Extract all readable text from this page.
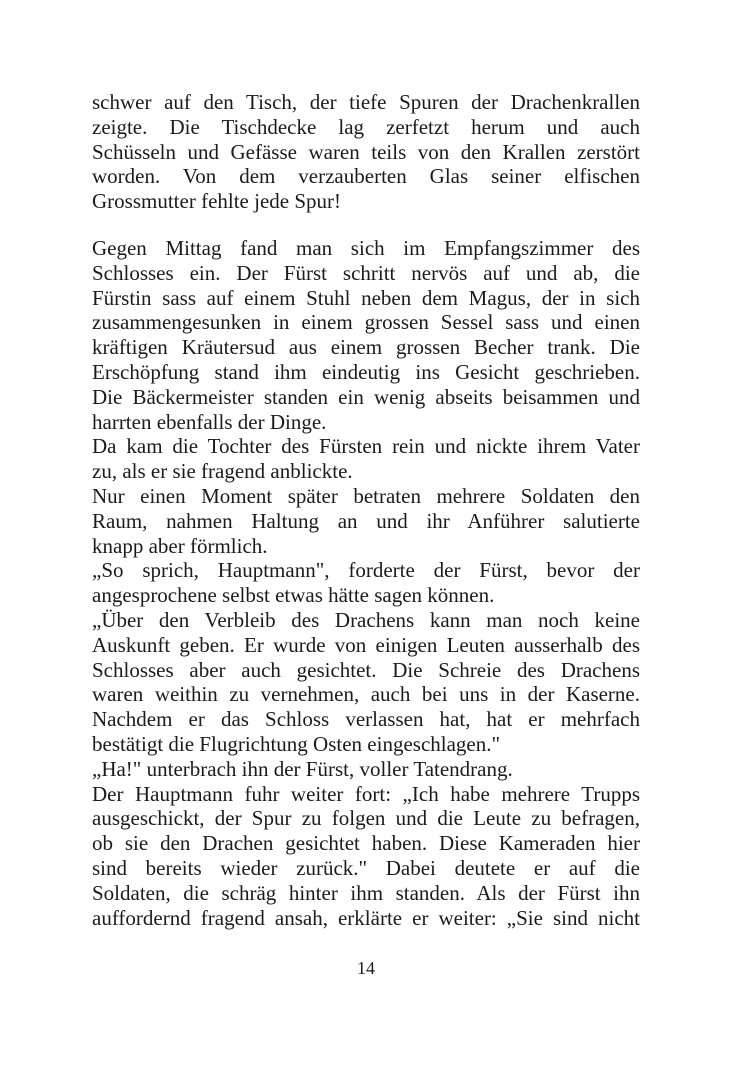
schwer auf den Tisch, der tiefe Spuren der Drachenkrallen
zeigte. Die Tischdecke lag zerfetzt herum und auch
Schüsseln und Gefässe waren teils von den Krallen zerstört
worden. Von dem verzauberten Glas seiner elfischen
Grossmutter fehlte jede Spur!
Gegen Mittag fand man sich im Empfangszimmer des
Schlosses ein. Der Fürst schritt nervös auf und ab, die
Fürstin sass auf einem Stuhl neben dem Magus, der in sich
zusammengesunken in einem grossen Sessel sass und einen
kräftigen Kräutersud aus einem grossen Becher trank. Die
Erschöpfung stand ihm eindeutig ins Gesicht geschrieben.
Die Bäckermeister standen ein wenig abseits beisammen und
harrten ebenfalls der Dinge.
Da kam die Tochter des Fürsten rein und nickte ihrem Vater
zu, als er sie fragend anblickte.
Nur einen Moment später betraten mehrere Soldaten den
Raum, nahmen Haltung an und ihr Anführer salutierte
knapp aber förmlich.
„So sprich, Hauptmann", forderte der Fürst, bevor der
angesprochene selbst etwas hätte sagen können.
„Über den Verbleib des Drachens kann man noch keine
Auskunft geben. Er wurde von einigen Leuten ausserhalb des
Schlosses aber auch gesichtet. Die Schreie des Drachens
waren weithin zu vernehmen, auch bei uns in der Kaserne.
Nachdem er das Schloss verlassen hat, hat er mehrfach
bestätigt die Flugrichtung Osten eingeschlagen."
„Ha!" unterbrach ihn der Fürst, voller Tatendrang.
Der Hauptmann fuhr weiter fort: „Ich habe mehrere Trupps
ausgeschickt, der Spur zu folgen und die Leute zu befragen,
ob sie den Drachen gesichtet haben. Diese Kameraden hier
sind bereits wieder zurück." Dabei deutete er auf die
Soldaten, die schräg hinter ihm standen. Als der Fürst ihn
auffordernd fragend ansah, erklärte er weiter: „Sie sind nicht
14
